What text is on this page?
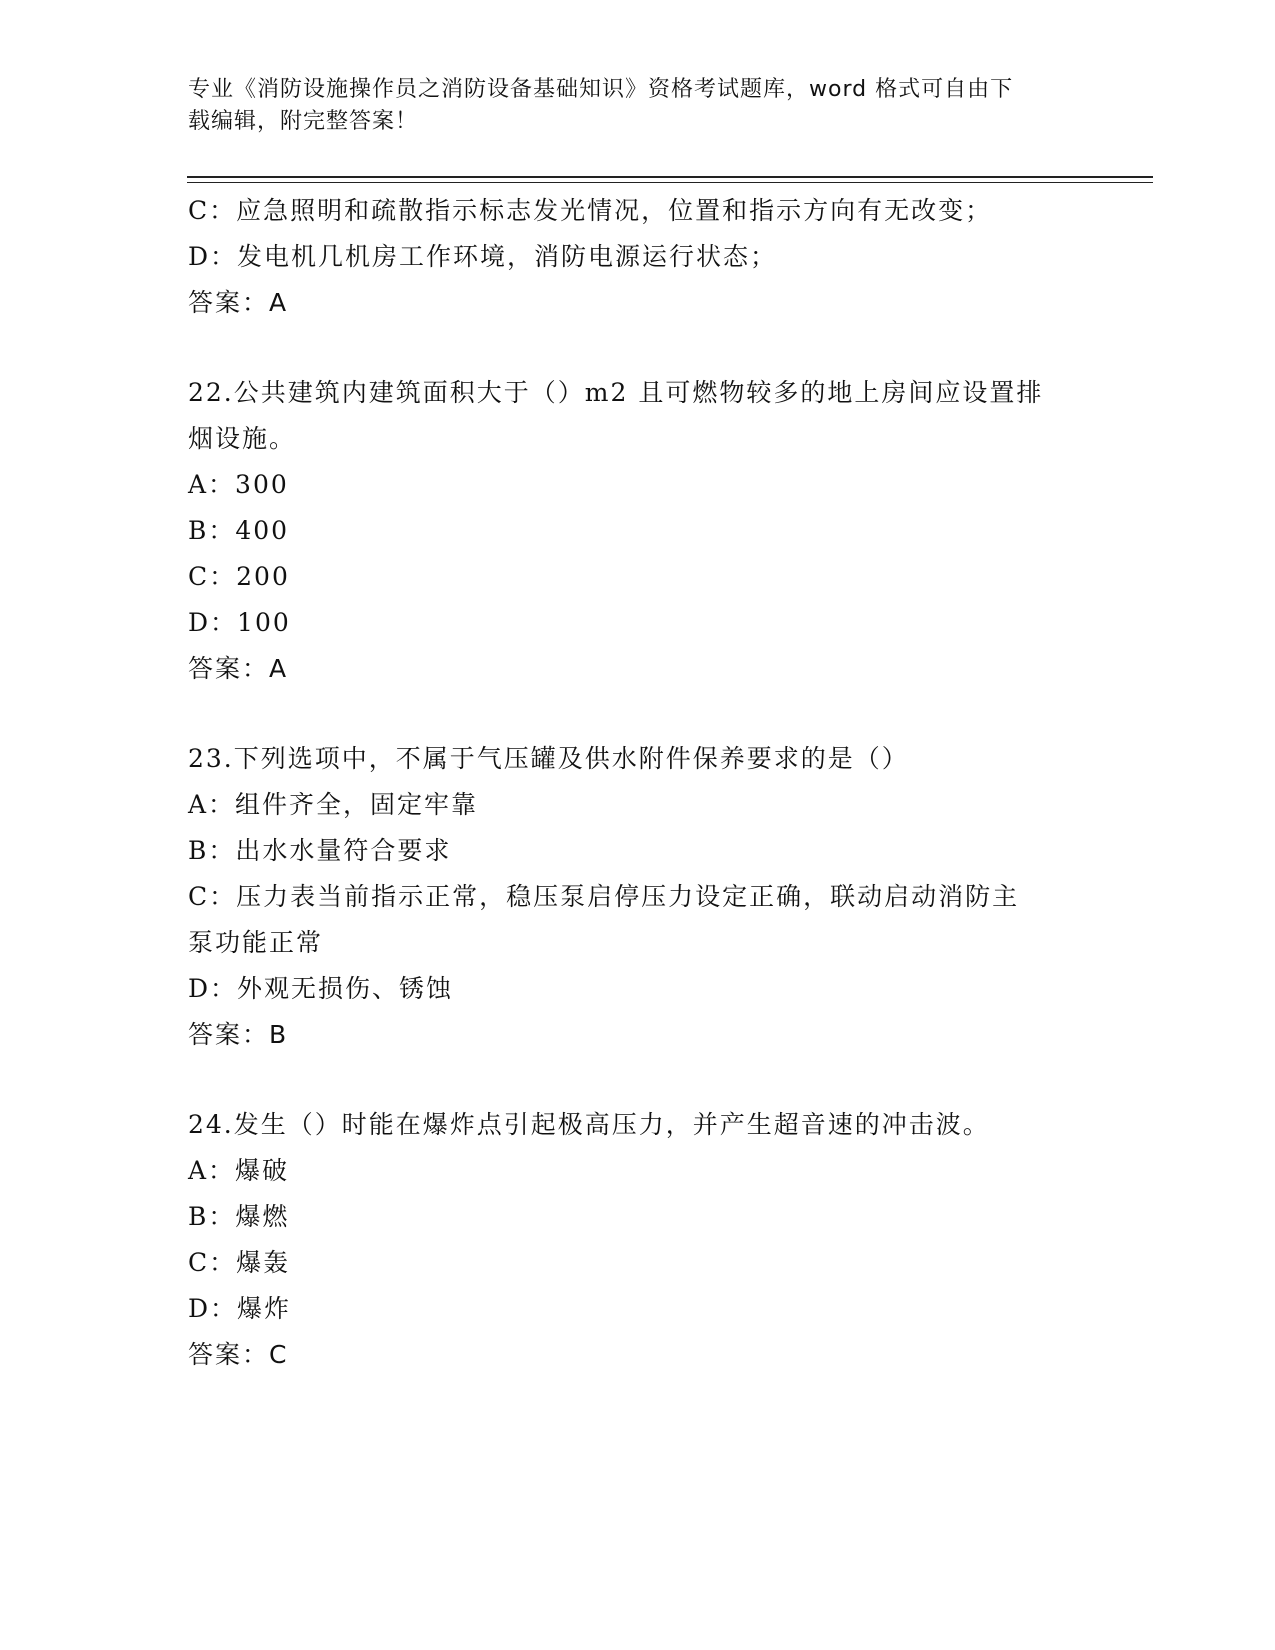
专业《消防设施操作员之消防设备基础知识》资格考试题库，word 格式可自由下
载编辑，附完整答案！
C：应急照明和疏散指示标志发光情况，位置和指示方向有无改变；
D：发电机几机房工作环境，消防电源运行状态；
答案：A
22.公共建筑内建筑面积大于（）m2 且可燃物较多的地上房间应设置排
烟设施。
A：300
B：400
C：200
D：100
答案：A
23.下列选项中，不属于气压罐及供水附件保养要求的是（）
A：组件齐全，固定牢靠
B：出水水量符合要求
C：压力表当前指示正常，稳压泵启停压力设定正确，联动启动消防主
泵功能正常
D：外观无损伤、锈蚀
答案：B
24.发生（）时能在爆炸点引起极高压力，并产生超音速的冲击波。
A：爆破
B：爆燃
C：爆轰
D：爆炸
答案：C
